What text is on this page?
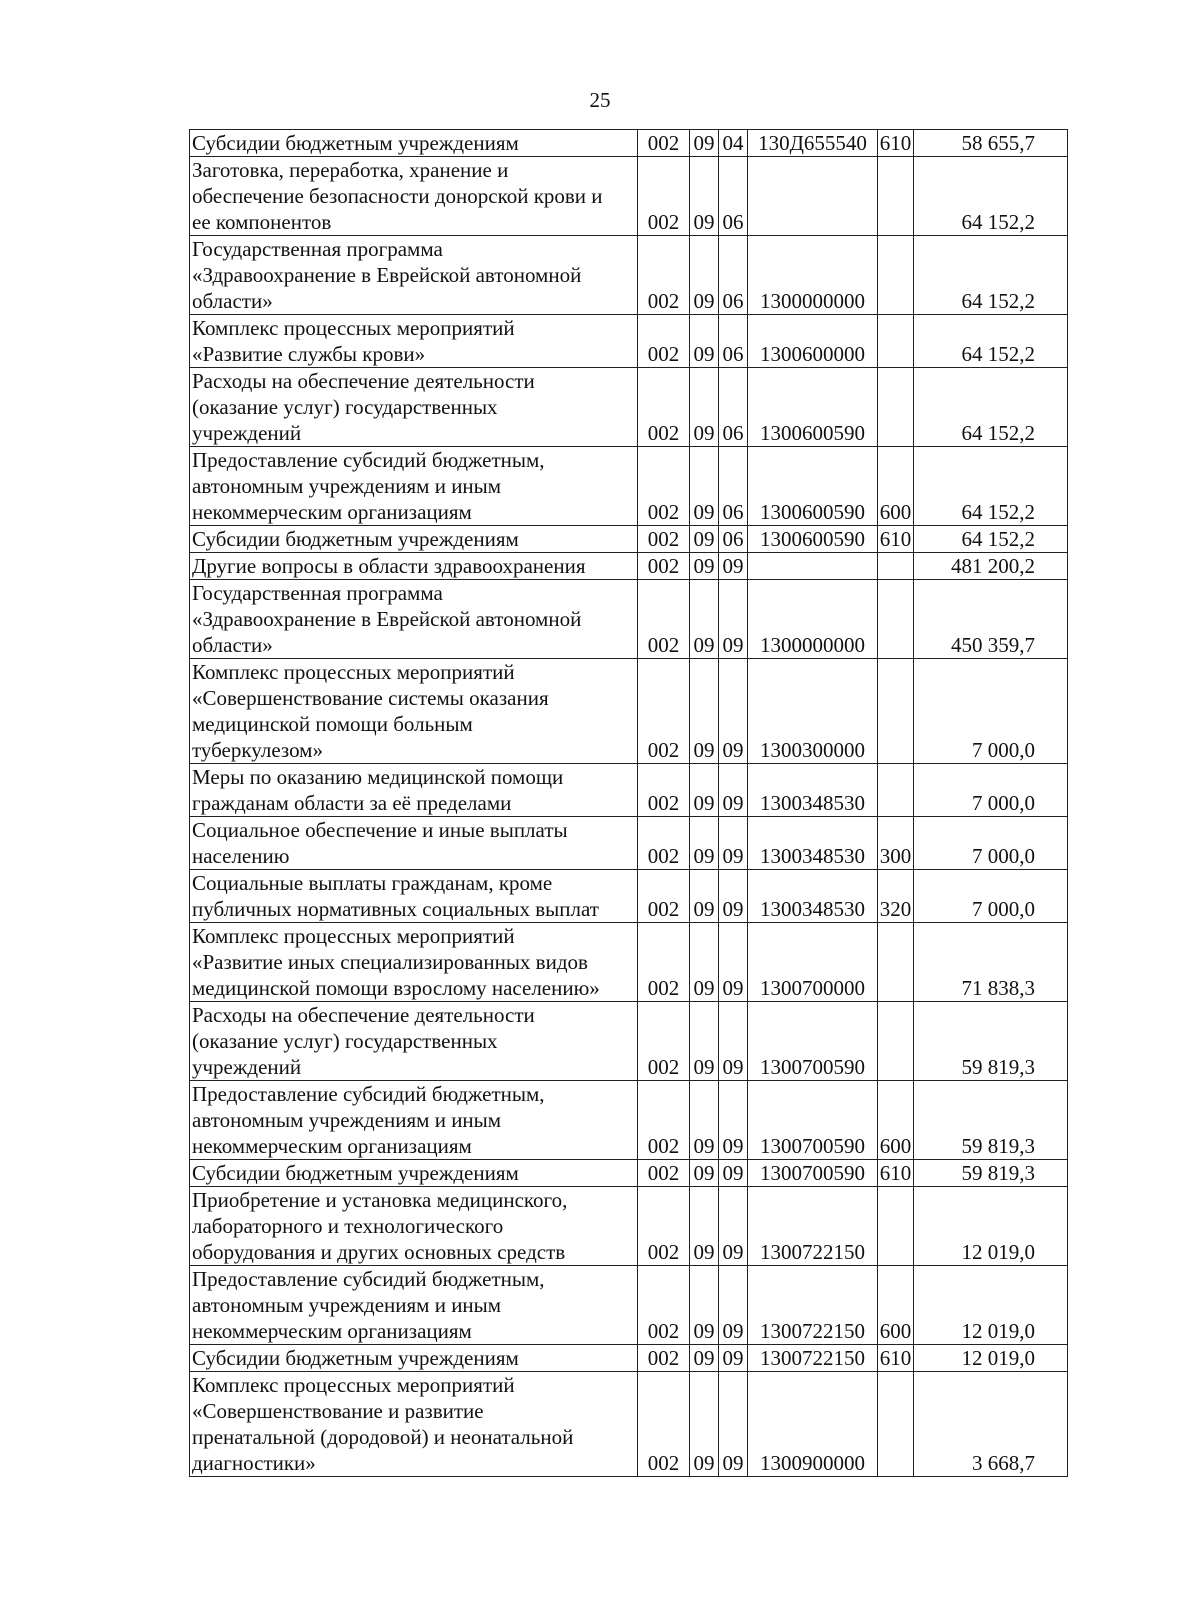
25
Субсидии бюджетным учреждениям	002	09	04	130Д655540	610	58 655,7

Заготовка, переработка, хранение и
обеспечение безопасности донорской крови и
ее компонентов	002	09	06			64 152,2

Государственная программа
«Здравоохранение в Еврейской автономной
области»	002	09	06	1300000000		64 152,2

Комплекс процессных мероприятий
«Развитие службы крови»	002	09	06	1300600000		64 152,2

Расходы на обеспечение деятельности
(оказание услуг) государственных
учреждений	002	09	06	1300600590		64 152,2

Предоставление субсидий бюджетным,
автономным учреждениям и иным
некоммерческим организациям	002	09	06	1300600590	600	64 152,2

Субсидии бюджетным учреждениям	002	09	06	1300600590	610	64 152,2

Другие вопросы в области здравоохранения	002	09	09			481 200,2

Государственная программа
«Здравоохранение в Еврейской автономной
области»	002	09	09	1300000000		450 359,7

Комплекс процессных мероприятий
«Совершенствование системы оказания
медицинской помощи больным
туберкулезом»	002	09	09	1300300000		7 000,0

Меры по оказанию медицинской помощи
гражданам области за её пределами	002	09	09	1300348530		7 000,0

Социальное обеспечение и иные выплаты
населению	002	09	09	1300348530	300	7 000,0

Социальные выплаты гражданам, кроме
публичных нормативных социальных выплат	002	09	09	1300348530	320	7 000,0

Комплекс процессных мероприятий
«Развитие иных специализированных видов
медицинской помощи взрослому населению»	002	09	09	1300700000		71 838,3

Расходы на обеспечение деятельности
(оказание услуг) государственных
учреждений	002	09	09	1300700590		59 819,3

Предоставление субсидий бюджетным,
автономным учреждениям и иным
некоммерческим организациям	002	09	09	1300700590	600	59 819,3

Субсидии бюджетным учреждениям	002	09	09	1300700590	610	59 819,3

Приобретение и установка медицинского,
лабораторного и технологического
оборудования и других основных средств	002	09	09	1300722150		12 019,0

Предоставление субсидий бюджетным,
автономным учреждениям и иным
некоммерческим организациям	002	09	09	1300722150	600	12 019,0

Субсидии бюджетным учреждениям	002	09	09	1300722150	610	12 019,0

Комплекс процессных мероприятий
«Совершенствование и развитие
пренатальной (дородовой) и неонатальной
диагностики»	002	09	09	1300900000		3 668,7
